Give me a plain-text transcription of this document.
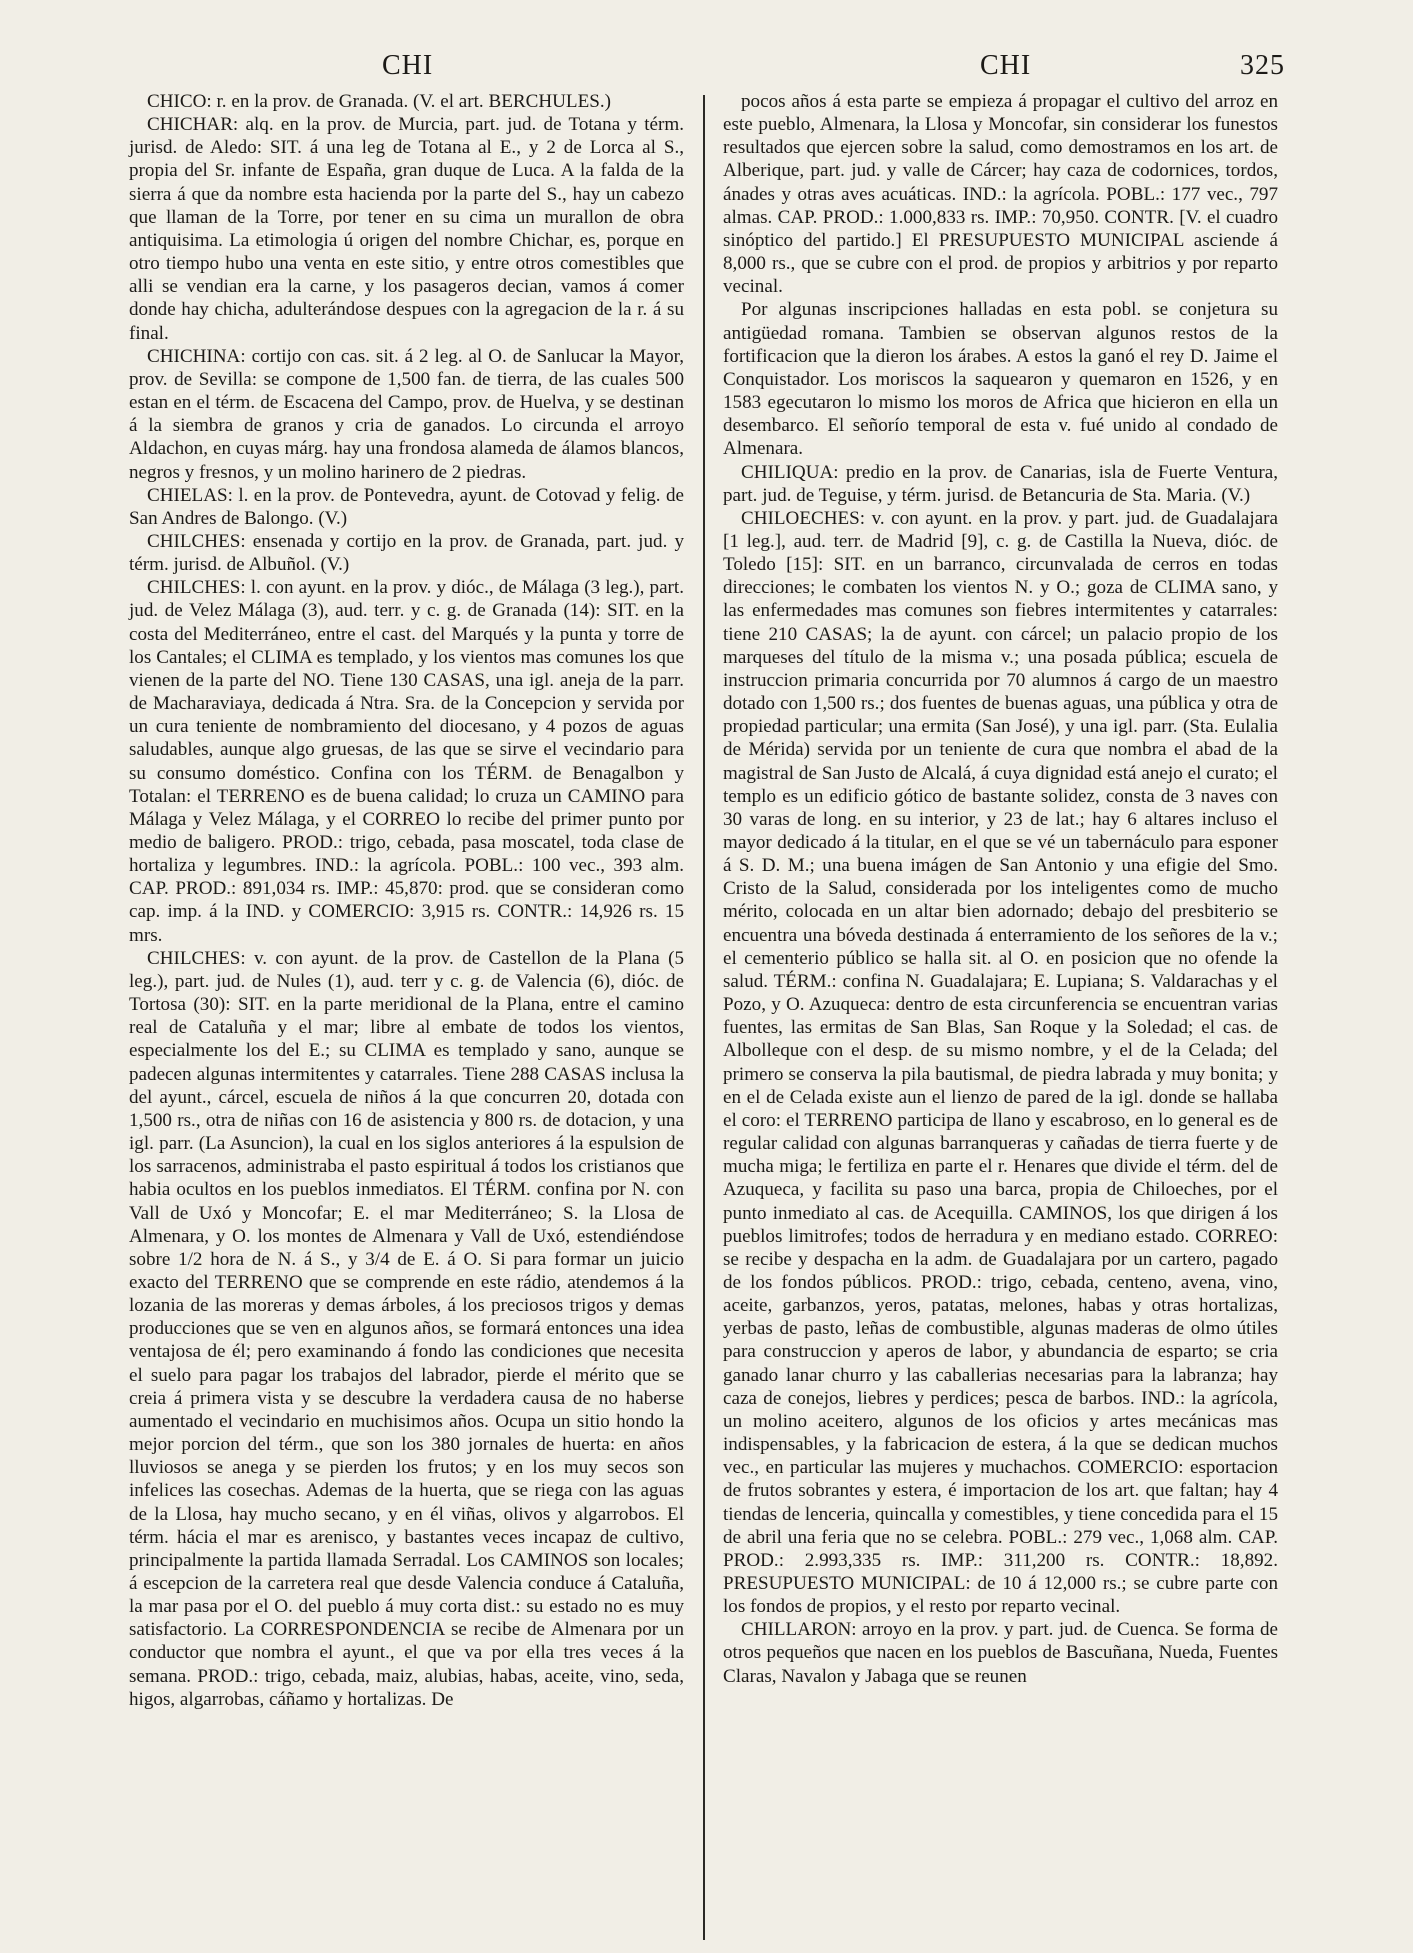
CHI	CHI	325

CHICO: r. en la prov. de Granada. (V. el art. BERCHULES.)

CHICHAR: alq. en la prov. de Murcia, part. jud. de Totana y térm. jurisd. de Aledo: SIT. á una leg de Totana al E., y 2 de Lorca al S., propia del Sr. infante de España, gran duque de Luca. A la falda de la sierra á que da nombre esta hacienda por la parte del S., hay un cabezo que llaman de la Torre, por tener en su cima un murallon de obra antiquisima. La etimologia ú origen del nombre Chichar, es, porque en otro tiempo hubo una venta en este sitio, y entre otros comestibles que alli se vendian era la carne, y los pasageros decian, vamos á comer donde hay chicha, adulterándose despues con la agregacion de la r. á su final.

CHICHINA: cortijo con cas. sit. á 2 leg. al O. de Sanlucar la Mayor, prov. de Sevilla: se compone de 1,500 fan. de tierra, de las cuales 500 estan en el térm. de Escacena del Campo, prov. de Huelva, y se destinan á la siembra de granos y cria de ganados. Lo circunda el arroyo Aldachon, en cuyas márg. hay una frondosa alameda de álamos blancos, negros y fresnos, y un molino harinero de 2 piedras.

CHIELAS: l. en la prov. de Pontevedra, ayunt. de Cotovad y felig. de San Andres de Balongo. (V.)

CHILCHES: ensenada y cortijo en la prov. de Granada, part. jud. y térm. jurisd. de Albuñol. (V.)

CHILCHES: l. con ayunt. en la prov. y dióc., de Málaga (3 leg.), part. jud. de Velez Málaga (3), aud. terr. y c. g. de Granada (14): SIT. en la costa del Mediterráneo, entre el cast. del Marqués y la punta y torre de los Cantales; el CLIMA es templado, y los vientos mas comunes los que vienen de la parte del NO. Tiene 130 CASAS, una igl. aneja de la parr. de Macharaviaya, dedicada á Ntra. Sra. de la Concepcion y servida por un cura teniente de nombramiento del diocesano, y 4 pozos de aguas saludables, aunque algo gruesas, de las que se sirve el vecindario para su consumo doméstico. Confina con los TÉRM. de Benagalbon y Totalan: el TERRENO es de buena calidad; lo cruza un CAMINO para Málaga y Velez Málaga, y el CORREO lo recibe del primer punto por medio de baligero. PROD.: trigo, cebada, pasa moscatel, toda clase de hortaliza y legumbres. IND.: la agrícola. POBL.: 100 vec., 393 alm. CAP. PROD.: 891,034 rs. IMP.: 45,870: prod. que se consideran como cap. imp. á la IND. y COMERCIO: 3,915 rs. CONTR.: 14,926 rs. 15 mrs.

CHILCHES: v. con ayunt. de la prov. de Castellon de la Plana (5 leg.), part. jud. de Nules (1), aud. terr y c. g. de Valencia (6), dióc. de Tortosa (30): SIT. en la parte meridional de la Plana, entre el camino real de Cataluña y el mar; libre al embate de todos los vientos, especialmente los del E.; su CLIMA es templado y sano, aunque se padecen algunas intermitentes y catarrales. Tiene 288 CASAS inclusa la del ayunt., cárcel, escuela de niños á la que concurren 20, dotada con 1,500 rs., otra de niñas con 16 de asistencia y 800 rs. de dotacion, y una igl. parr. (La Asuncion), la cual en los siglos anteriores á la espulsion de los sarracenos, administraba el pasto espiritual á todos los cristianos que habia ocultos en los pueblos inmediatos. El TÉRM. confina por N. con Vall de Uxó y Moncofar; E. el mar Mediterráneo; S. la Llosa de Almenara, y O. los montes de Almenara y Vall de Uxó, estendiéndose sobre 1/2 hora de N. á S., y 3/4 de E. á O. Si para formar un juicio exacto del TERRENO que se comprende en este rádio, atendemos á la lozania de las moreras y demas árboles, á los preciosos trigos y demas producciones que se ven en algunos años, se formará entonces una idea ventajosa de él; pero examinando á fondo las condiciones que necesita el suelo para pagar los trabajos del labrador, pierde el mérito que se creia á primera vista y se descubre la verdadera causa de no haberse aumentado el vecindario en muchisimos años. Ocupa un sitio hondo la mejor porcion del térm., que son los 380 jornales de huerta: en años lluviosos se anega y se pierden los frutos; y en los muy secos son infelices las cosechas. Ademas de la huerta, que se riega con las aguas de la Llosa, hay mucho secano, y en él viñas, olivos y algarrobos. El térm. hácia el mar es arenisco, y bastantes veces incapaz de cultivo, principalmente la partida llamada Serradal. Los CAMINOS son locales; á escepcion de la carretera real que desde Valencia conduce á Cataluña, la mar pasa por el O. del pueblo á muy corta dist.: su estado no es muy satisfactorio. La CORRESPONDENCIA se recibe de Almenara por un conductor que nombra el ayunt., el que va por ella tres veces á la semana. PROD.: trigo, cebada, maiz, alubias, habas, aceite, vino, seda, higos, algarrobas, cáñamo y hortalizas. De

pocos años á esta parte se empieza á propagar el cultivo del arroz en este pueblo, Almenara, la Llosa y Moncofar, sin considerar los funestos resultados que ejercen sobre la salud, como demostramos en los art. de Alberique, part. jud. y valle de Cárcer; hay caza de codornices, tordos, ánades y otras aves acuáticas. IND.: la agrícola. POBL.: 177 vec., 797 almas. CAP. PROD.: 1.000,833 rs. IMP.: 70,950. CONTR. [V. el cuadro sinóptico del partido.] El PRESUPUESTO MUNICIPAL asciende á 8,000 rs., que se cubre con el prod. de propios y arbitrios y por reparto vecinal.

Por algunas inscripciones halladas en esta pobl. se conjetura su antigüedad romana. Tambien se observan algunos restos de la fortificacion que la dieron los árabes. A estos la ganó el rey D. Jaime el Conquistador. Los moriscos la saquearon y quemaron en 1526, y en 1583 egecutaron lo mismo los moros de Africa que hicieron en ella un desembarco. El señorío temporal de esta v. fué unido al condado de Almenara.

CHILIQUA: predio en la prov. de Canarias, isla de Fuerte Ventura, part. jud. de Teguise, y térm. jurisd. de Betancuria de Sta. Maria. (V.)

CHILOECHES: v. con ayunt. en la prov. y part. jud. de Guadalajara [1 leg.], aud. terr. de Madrid [9], c. g. de Castilla la Nueva, dióc. de Toledo [15]: SIT. en un barranco, circunvalada de cerros en todas direcciones; le combaten los vientos N. y O.; goza de CLIMA sano, y las enfermedades mas comunes son fiebres intermitentes y catarrales: tiene 210 CASAS; la de ayunt. con cárcel; un palacio propio de los marqueses del título de la misma v.; una posada pública; escuela de instruccion primaria concurrida por 70 alumnos á cargo de un maestro dotado con 1,500 rs.; dos fuentes de buenas aguas, una pública y otra de propiedad particular; una ermita (San José), y una igl. parr. (Sta. Eulalia de Mérida) servida por un teniente de cura que nombra el abad de la magistral de San Justo de Alcalá, á cuya dignidad está anejo el curato; el templo es un edificio gótico de bastante solidez, consta de 3 naves con 30 varas de long. en su interior, y 23 de lat.; hay 6 altares incluso el mayor dedicado á la titular, en el que se vé un tabernáculo para esponer á S. D. M.; una buena imágen de San Antonio y una efigie del Smo. Cristo de la Salud, considerada por los inteligentes como de mucho mérito, colocada en un altar bien adornado; debajo del presbiterio se encuentra una bóveda destinada á enterramiento de los señores de la v.; el cementerio público se halla sit. al O. en posicion que no ofende la salud. TÉRM.: confina N. Guadalajara; E. Lupiana; S. Valdarachas y el Pozo, y O. Azuqueca: dentro de esta circunferencia se encuentran varias fuentes, las ermitas de San Blas, San Roque y la Soledad; el cas. de Albolleque con el desp. de su mismo nombre, y el de la Celada; del primero se conserva la pila bautismal, de piedra labrada y muy bonita; y en el de Celada existe aun el lienzo de pared de la igl. donde se hallaba el coro: el TERRENO participa de llano y escabroso, en lo general es de regular calidad con algunas barranqueras y cañadas de tierra fuerte y de mucha miga; le fertiliza en parte el r. Henares que divide el térm. del de Azuqueca, y facilita su paso una barca, propia de Chiloeches, por el punto inmediato al cas. de Acequilla. CAMINOS, los que dirigen á los pueblos limitrofes; todos de herradura y en mediano estado. CORREO: se recibe y despacha en la adm. de Guadalajara por un cartero, pagado de los fondos públicos. PROD.: trigo, cebada, centeno, avena, vino, aceite, garbanzos, yeros, patatas, melones, habas y otras hortalizas, yerbas de pasto, leñas de combustible, algunas maderas de olmo útiles para construccion y aperos de labor, y abundancia de esparto; se cria ganado lanar churro y las caballerias necesarias para la labranza; hay caza de conejos, liebres y perdices; pesca de barbos. IND.: la agrícola, un molino aceitero, algunos de los oficios y artes mecánicas mas indispensables, y la fabricacion de estera, á la que se dedican muchos vec., en particular las mujeres y muchachos. COMERCIO: esportacion de frutos sobrantes y estera, é importacion de los art. que faltan; hay 4 tiendas de lenceria, quincalla y comestibles, y tiene concedida para el 15 de abril una feria que no se celebra. POBL.: 279 vec., 1,068 alm. CAP. PROD.: 2.993,335 rs. IMP.: 311,200 rs. CONTR.: 18,892. PRESUPUESTO MUNICIPAL: de 10 á 12,000 rs.; se cubre parte con los fondos de propios, y el resto por reparto vecinal.

CHILLARON: arroyo en la prov. y part. jud. de Cuenca. Se forma de otros pequeños que nacen en los pueblos de Bascuñana, Nueda, Fuentes Claras, Navalon y Jabaga que se reunen
